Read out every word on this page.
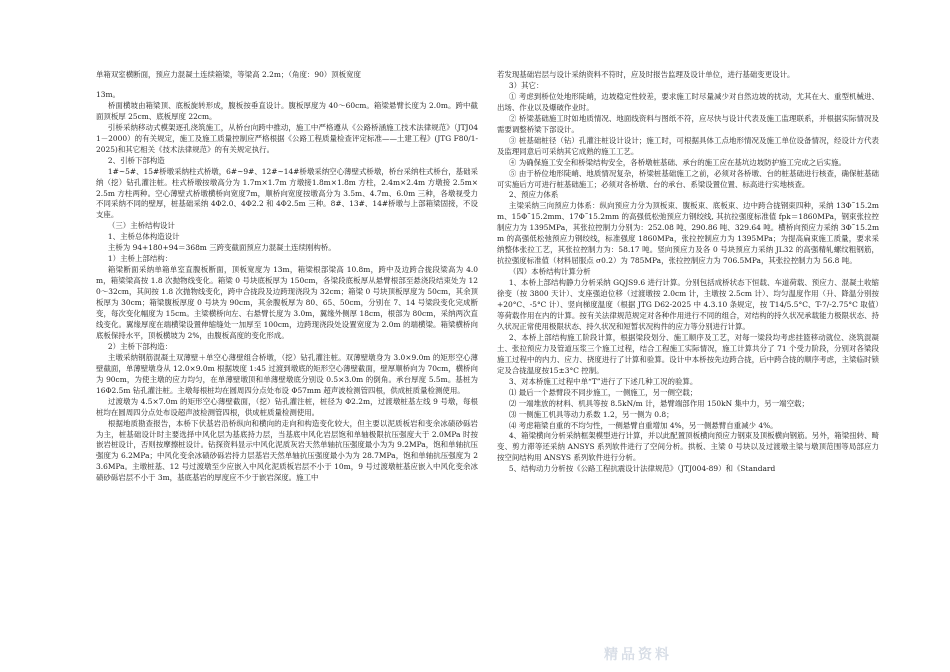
单箱双室横断面，预应力混凝土连续箱梁，等梁高 2.2m；（角度：90）顶板宽度

13m。

桥面横坡由箱梁顶、底板旋转形成，腹板按垂直设计。腹板厚度为 40～60cm。箱梁悬臂长度为 2.0m。跨中截面顶板厚 25cm、底板厚度 22cm。

引桥采纳移动式模架逐孔浇筑施工，从桥台向跨中推动，施工中严格遵从《公路桥涵施工技术法律规范》（JTJ041－2000）的有关规定，施工及施工质量控制应严格根据《公路工程质量检查评定标准——土建工程》(JTG F80/1-2025)和其它相关《技术法律规范》的有关规定执行。

2、引桥下部构造

1#~5#、15#桥墩采纳柱式桥墩，6#~9#、12#~14#桥墩采纳空心薄壁式桥墩，桥台采纳柱式桥台，基础采纳（挖）钻孔灌注桩。柱式桥墩按墩高分为 1.7m×1.7m 方墩接1.8m×1.8m 方柱，2.4m×2.4m 方墩接 2.5m×2.5m 方柱两种。空心薄壁式桥墩横桥向宽度7m，顺桥向宽度按墩高分为 3.5m、4.7m、6.0m 三种，各墩视受力不同采纳不同的壁厚，桩基础采纳 4Φ2.0、4Φ2.2 和 4Φ2.5m 三种。8#、13#、14#桥墩与上部箱梁固接，不设支座。

（三）主桥结构设计

1、主桥总体构造设计

主桥为 94+180+94＝368m 三跨变截面预应力混凝土连续刚构桥。

1）主桥上部结构：

箱梁断面采纳单箱单室直腹板断面，顶板宽度为 13m，箱梁根部梁高 10.8m，跨中及边跨合拢段梁高为 4.0m，箱梁梁高按 1.8 次抛物线变化。箱梁 0 号块底板厚为 150cm，各梁段底板厚从悬臂根部至悬浇段结束处为 120～32cm，其间按 1.8 次抛物线变化，跨中合拢段及边跨现浇段为 32cm；箱梁 0 号块顶板厚度为 50cm，其余顶板厚为 30cm；箱梁腹板厚度 0 号块为 90cm，其余腹板厚为 80、65、50cm，分别在 7、14 号梁段变化完成断变，每次变化幅度为 15cm。主梁横桥向左、右悬臂长度为 3.0m，翼缘外侧厚 18cm，根部为 80cm，采纳两次直线变化。翼缘厚度在端横梁设置伸缩缝处一加厚至 100cm，边跨现浇段处设置宽度为 2.0m 的端横梁。箱梁横桥向底板保持水平，顶板横坡为 2%，由腹板高度的变化形成。

2）主桥下部构造：

主墩采纳钢筋混凝土双薄壁＋单空心薄壁组合桥墩，（挖）钻孔灌注桩。双薄壁墩身为 3.0×9.0m 的矩形空心薄壁截面，单薄壁墩身从 12.0×9.0m 根据坡度 1:45 过渡到墩底的矩形空心薄壁截面，壁厚顺桥向为 70cm，横桥向为 90cm，为使主墩的应力均匀，在单薄壁墩顶和单薄壁墩底分别设 0.5×3.0m 的倒角。承台厚度 5.5m。基桩为 16Φ2.5m 钻孔灌注桩。主墩每根桩均在圆周四分点处布设 Φ57mm 超声波检测管四根，供成桩质量检测使用。

过渡墩为 4.5×7.0m 的矩形空心薄壁截面，（挖）钻孔灌注桩，桩径为 Φ2.2m，过渡墩桩基左线 9 号墩，每根桩均在圆周四分点处布设超声波检测管四根，供成桩质量检测使用。

根据地质勘查报告，本桥下伏基岩沿桥纵向和横向的走向和构造变化较大，但主要以泥质板岩和变余冰碛砂砾岩为主，桩基础设计时主要选择中风化层为基底持力层，当基底中风化岩层饱和单轴极限抗压强度大于 2.0MPa 时按嵌岩桩设计，否则按摩擦桩设计。钻探资料显示中风化泥质灰岩天然单轴抗压强度最小为为 9.2MPa，饱和单轴抗压强度为 6.2MPa；中风化变余冰碛砂砾岩持力层基岩天然单轴抗压强度最小为为 28.7MPa，饱和单轴抗压强度为 23.6MPa。主墩桩基、12 号过渡墩至少应嵌入中风化泥质板岩层不小于 10m，9 号过渡墩桩基应嵌入中风化变余冰碛砂砾岩层不小于 3m，基底基岩的厚度应不少于嵌岩深度。施工中

若发现基础岩层与设计采纳资料不符时，应及时报告监理及设计单位，进行基础变更设计。

3）其它：

① 考虑到桥位处地形陡峭，边坡稳定性较差，要求施工时尽量减少对自然边坡的扰动，尤其在大、重型机械进、出场、作业以及爆破作业时。

② 桥梁基础施工时如地质情况、地面线资料与图纸不符，应尽快与设计代表及施工监理联系，并根据实际情况及需要调整桥梁下部设计。

③ 桩基础桩径（钻）孔灌注桩设计设计；施工时，可根据具体工点地形情况及施工单位设备情况，经设计方代表及监理同意后可采纳其它成熟的施工工艺。

④ 为确保施工安全和桥梁结构安全，各桥墩桩基础、承台的施工应在基坑边坡防护施工完成之后实施。

⑤ 由于桥位地形陡峭、地质情况复杂，桥梁桩基础施工之前，必须对各桥墩、台的桩基础进行核查，确保桩基础可实施后方可进行桩基础施工；必须对各桥墩、台的承台、系梁设置位置、标高进行实地核查。

2、预应力体系

主梁采纳三向预应力体系：纵向预应力分为顶板束、腹板束、底板束、边中跨合拢钢束四种，采纳 13Φ˜15.2mm、15Φ˜15.2mm、17Φ˜15.2mm 的高强低松弛预应力钢绞线, 其抗拉强度标准值 fpk＝1860MPa，钢束张拉控制应力为 1395MPa，其张拉控制力分别为：252.08 吨、290.86 吨、329.64 吨。横桥向预应力采纳 3Φ˜15.2mm 的高强低松弛预应力钢绞线，标准强度 1860MPa，张拉控制应力为 1395MPa；为提高扁束施工质量，要求采纳整体张拉工艺，其张拉控制力为：58.17 吨。竖向预应力及各 0 号块预应力采纳 JL32 的高强精轧螺纹粗钢筋，抗拉强度标准值（材料屈服点 σ0.2）为 785MPa，张拉控制应力为 706.5MPa，其张拉控制力为 56.8 吨。

（四）本桥结构计算分析

1、本桥上部结构静力分析采纳 GQJS9.6 进行计算。分别包括成桥状态下恒载、车道荷载、预应力、混凝土收缩徐变（按 3800 天计）、支座强迫位移（过渡墩按 2.0cm 计，主墩按 2.5cm 计）、均匀温度作用（升、降温分别按+20°C、-5°C 计）、竖向梯度温度（根据 JTG D62-2025 中 4.3.10 条规定，按 T14/5.5°C、T-7/-2.75°C 取值）等荷载作用在内的计算。按有关法律规范规定对各种作用进行不同的组合，对结构的持久状况承载能力极限状态、持久状况正常使用极限状态、持久状况和短暂状况构件的应力等分别进行计算。

2、本桥上部结构施工阶段计算，根据梁段划分、施工顺序及工艺，对每一梁段均考虑挂篮移动就位、浇筑混凝土、张拉预应力及管道压浆三个施工过程，结合工程施工实际情况，施工计算共分了 71 个受力阶段，分别对各梁段施工过程中的内力、应力、挠度进行了计算和验算。设计中本桥按先边跨合拢，后中跨合拢的顺序考虑，主梁临时锁定及合拢温度按15±3°C 控制。

3、对本桥施工过程中单“T”进行了下述几种工况的验算。

⑴ 最后一个悬臂段不同步施工，一侧施工，另一侧空载；

⑵ 一端堆放的材料、机具等按 8.5kN/m 计，悬臂端部作用 150kN 集中力，另一端空载；

⑶ 一侧施工机具等动力系数 1.2，另一侧为 0.8；

⑷ 考虑箱梁自重的不均匀性，一侧悬臂自重增加 4%，另一侧悬臂自重减少 4%。

4、箱梁横向分析采纳框架模型进行计算，并以此配置顶板横向预应力钢束及顶板横向钢筋。另外，箱梁扭转、畸变、剪力滞等还采纳 ANSYS 系列软件进行了空间分析。拱板、主梁 0 号块以及过渡墩主梁与墩顶范围等局部应力按空间结构用 ANSYS 系列软件进行分析。

5、结构动力分析按《公路工程抗震设计法律规范》（JTJ004-89）和《Standard

精品资料
